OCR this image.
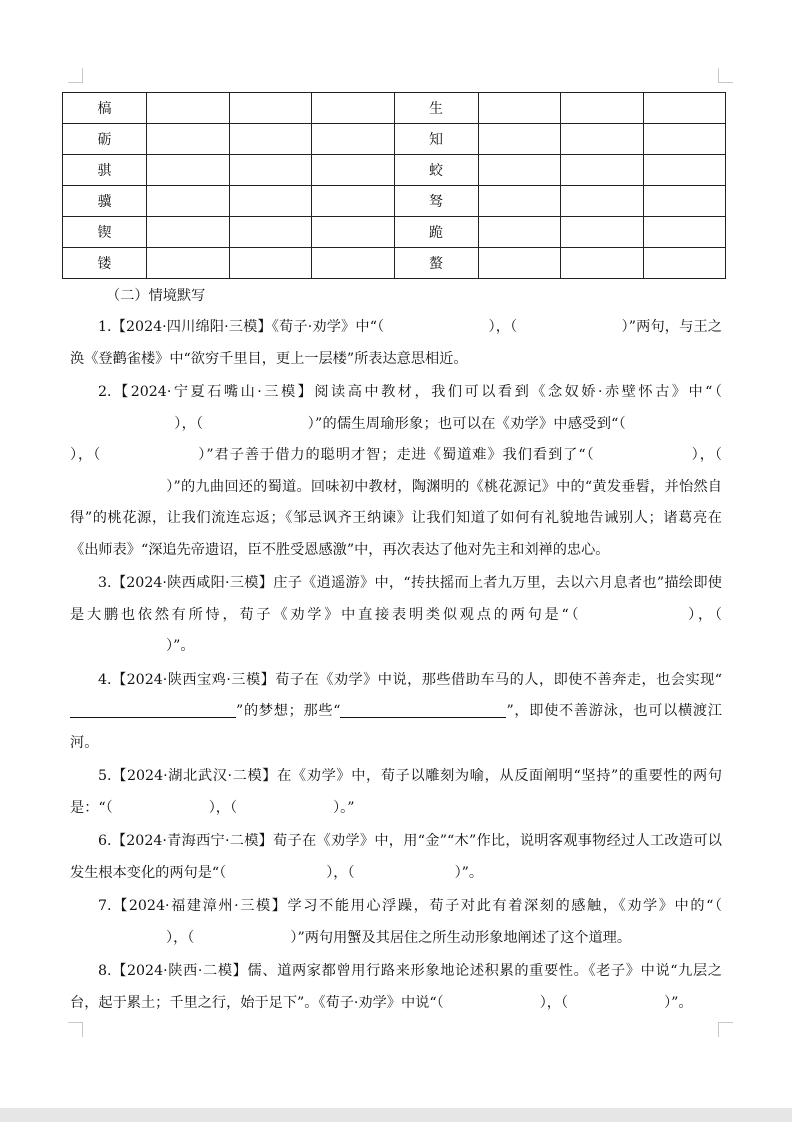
槁				生			
砺				知			
骐				蛟			
骥				驽			
锲				跪			
镂				螯			

（二）情境默写

1.【2024·四川绵阳·三模】《荀子·劝学》中“（	），（	）”两句，与王之涣《登鹳雀楼》中“欲穷千里目，更上一层楼”所表达意思相近。

2.【2024·宁夏石嘴山·三模】阅读高中教材，我们可以看到《念奴娇·赤壁怀古》中“（），（	）”的儒生周瑜形象；也可以在《劝学》中感受到“（），（	）”君子善于借力的聪明才智；走进《蜀道难》我们看到了“（	），（）”的九曲回还的蜀道。回味初中教材，陶渊明的《桃花源记》中的“黄发垂髫，并怡然自得”的桃花源，让我们流连忘返；《邹忌讽齐王纳谏》让我们知道了如何有礼貌地告诫别人；诸葛亮在《出师表》“深追先帝遗诏，臣不胜受恩感激”中，再次表达了他对先主和刘禅的忠心。

3.【2024·陕西咸阳·三模】庄子《逍遥游》中，“抟扶摇而上者九万里，去以六月息者也”描绘即使是大鹏也依然有所恃，荀子《劝学》中直接表明类似观点的两句是“（	），（）”。

4.【2024·陕西宝鸡·三模】荀子在《劝学》中说，那些借助车马的人，即使不善奔走，也会实现“”的梦想；那些“	”，即使不善游泳，也可以横渡江河。

5.【2024·湖北武汉·二模】在《劝学》中，荀子以雕刻为喻，从反面阐明“坚持”的重要性的两句是：“（	），（	）。”

6.【2024·青海西宁·二模】荀子在《劝学》中，用“金”“木”作比，说明客观事物经过人工改造可以发生根本变化的两句是“（	），（	）”。

7.【2024·福建漳州·三模】学习不能用心浮躁，荀子对此有着深刻的感触，《劝学》中的“（），（	）”两句用蟹及其居住之所生动形象地阐述了这个道理。

8.【2024·陕西·二模】儒、道两家都曾用行路来形象地论述积累的重要性。《老子》中说“九层之台，起于累土；千里之行，始于足下”。《荀子·劝学》中说“（	），（	）”。
